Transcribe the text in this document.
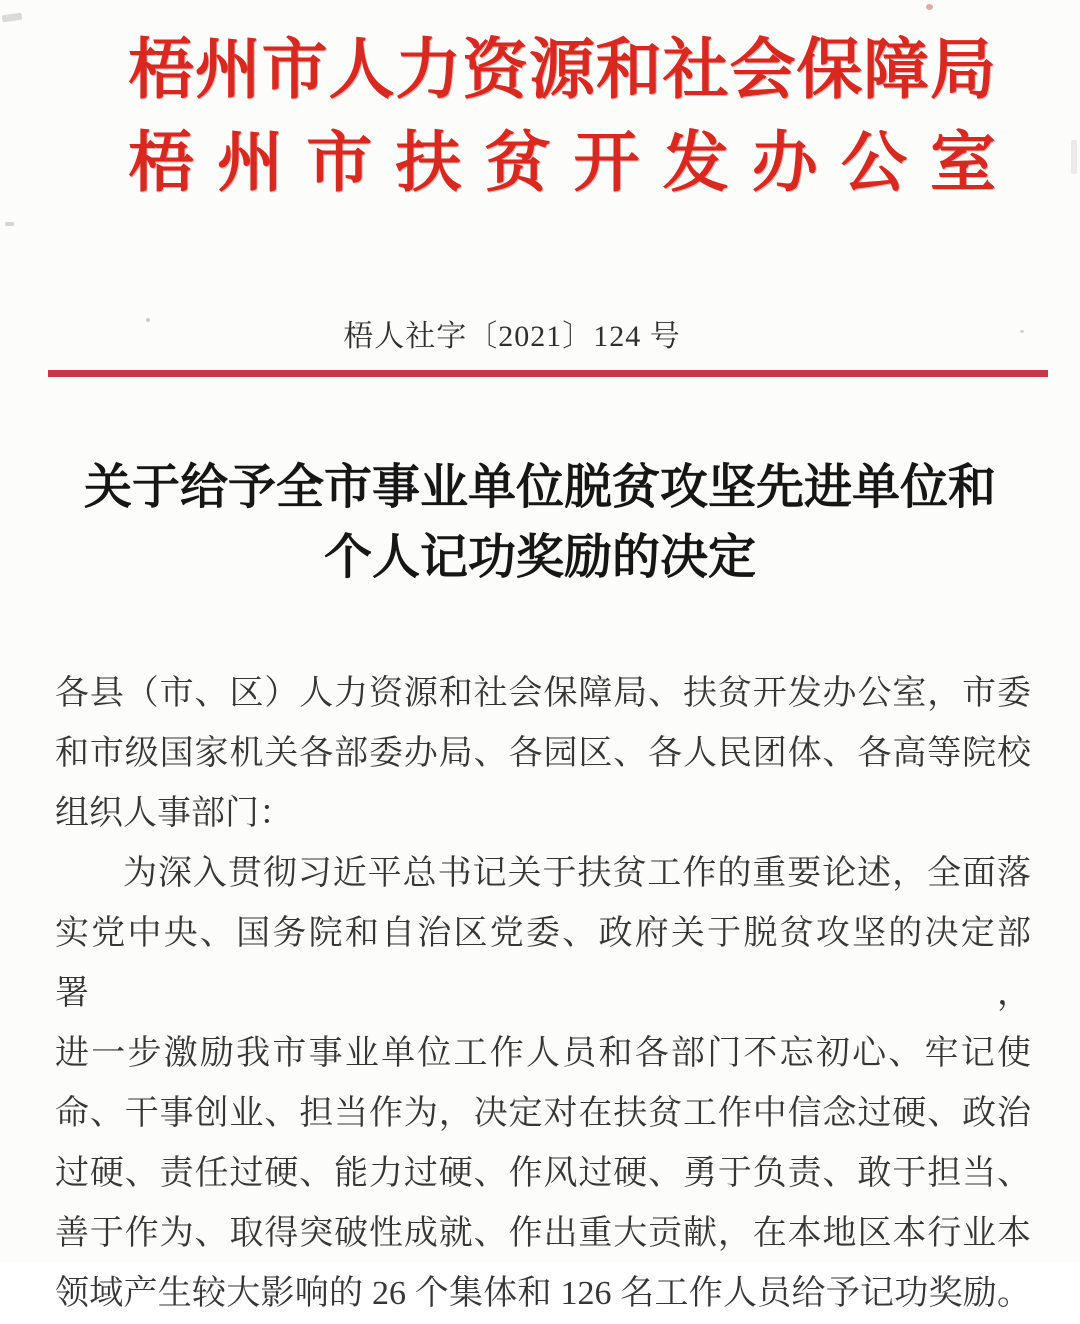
梧州市人力资源和社会保障局
梧州市扶贫开发办公室
梧人社字〔2021〕124 号
关于给予全市事业单位脱贫攻坚先进单位和
个人记功奖励的决定
各县（市、区）人力资源和社会保障局、扶贫开发办公室，市委
和市级国家机关各部委办局、各园区、各人民团体、各高等院校
组织人事部门：
为深入贯彻习近平总书记关于扶贫工作的重要论述，全面落
实党中央、国务院和自治区党委、政府关于脱贫攻坚的决定部署，
进一步激励我市事业单位工作人员和各部门不忘初心、牢记使
命、干事创业、担当作为，决定对在扶贫工作中信念过硬、政治
过硬、责任过硬、能力过硬、作风过硬、勇于负责、敢于担当、
善于作为、取得突破性成就、作出重大贡献，在本地区本行业本
领域产生较大影响的 26 个集体和 126 名工作人员给予记功奖励。
